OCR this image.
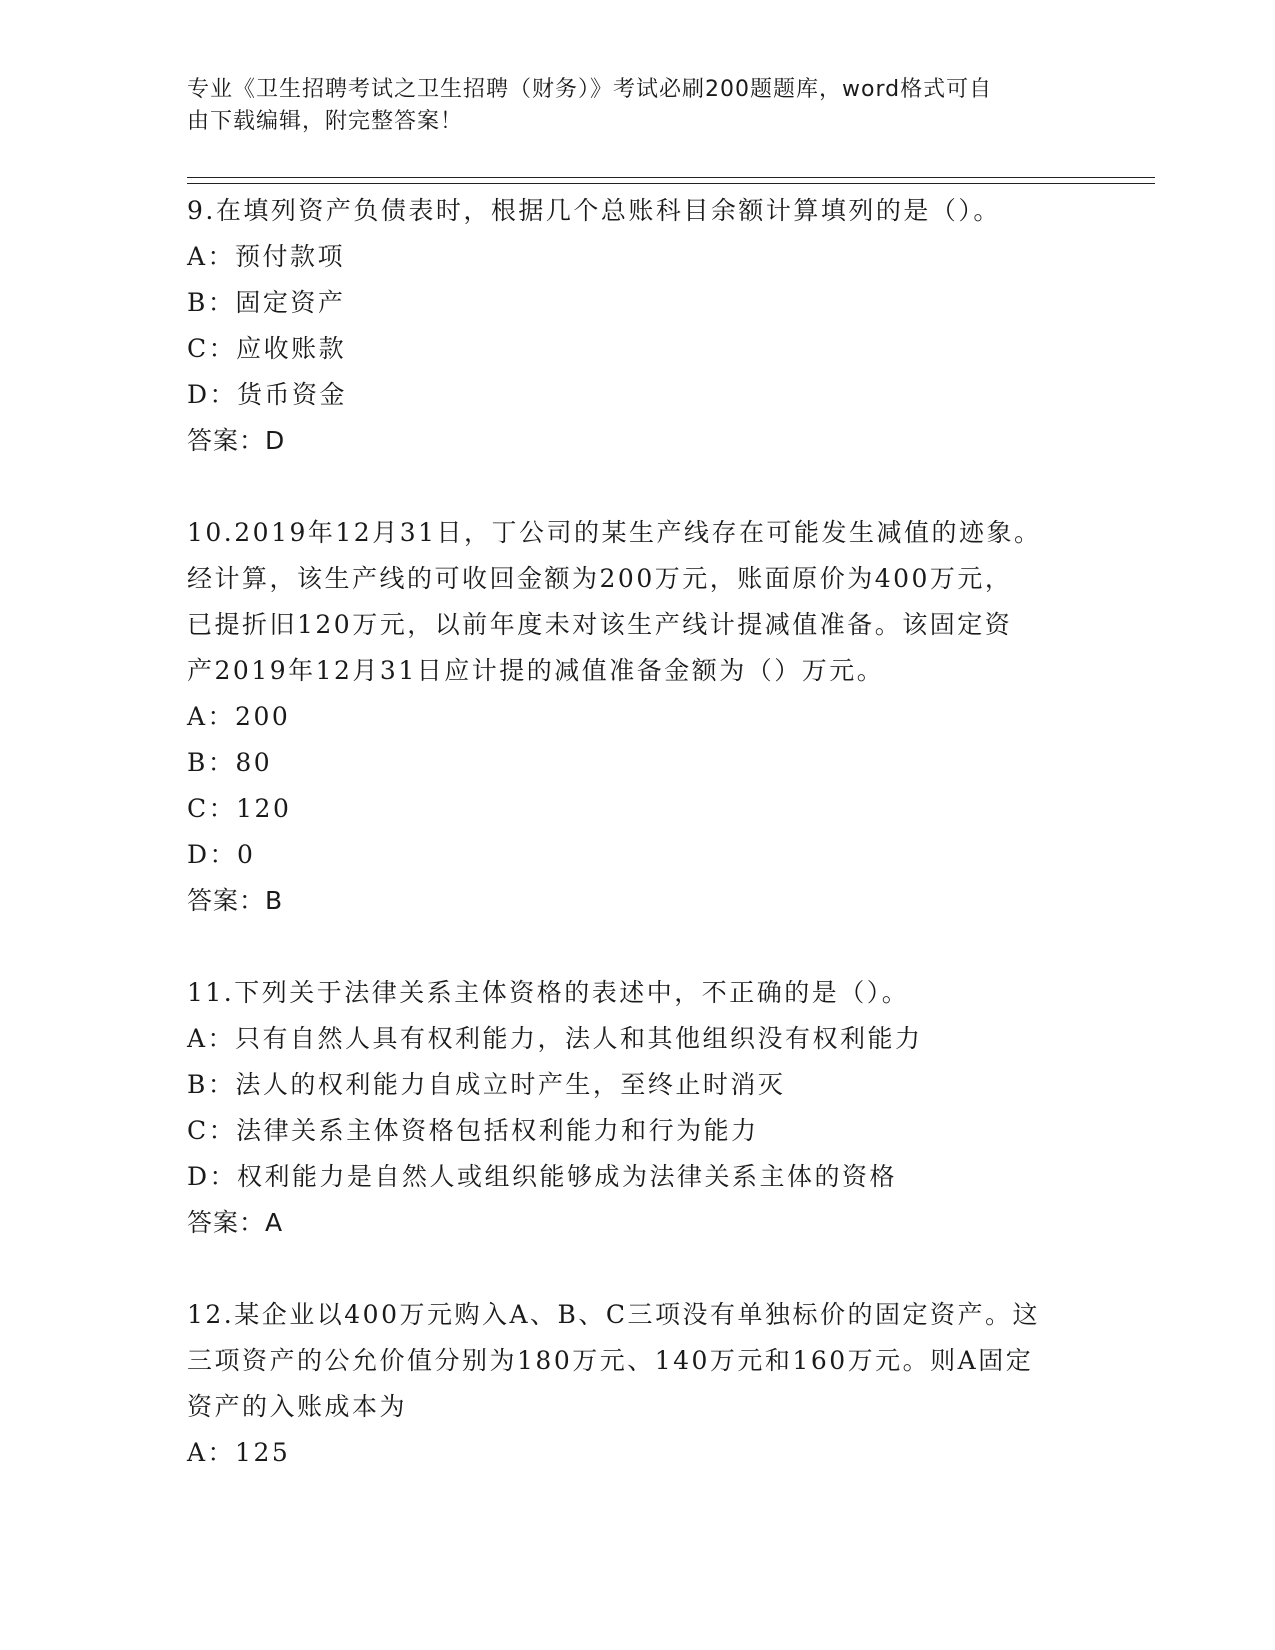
专业《卫生招聘考试之卫生招聘（财务）》考试必刷200题题库，word格式可自
由下载编辑，附完整答案！
9.在填列资产负债表时，根据几个总账科目余额计算填列的是（）。
A：预付款项
B：固定资产
C：应收账款
D：货币资金
答案：D
10.2019年12月31日，丁公司的某生产线存在可能发生减值的迹象。
经计算，该生产线的可收回金额为200万元，账面原价为400万元，
已提折旧120万元，以前年度未对该生产线计提减值准备。该固定资
产2019年12月31日应计提的减值准备金额为（）万元。
A：200
B：80
C：120
D：0
答案：B
11.下列关于法律关系主体资格的表述中，不正确的是（）。
A：只有自然人具有权利能力，法人和其他组织没有权利能力
B：法人的权利能力自成立时产生，至终止时消灭
C：法律关系主体资格包括权利能力和行为能力
D：权利能力是自然人或组织能够成为法律关系主体的资格
答案：A
12.某企业以400万元购入A、B、C三项没有单独标价的固定资产。这
三项资产的公允价值分别为180万元、140万元和160万元。则A固定
资产的入账成本为
A：125
